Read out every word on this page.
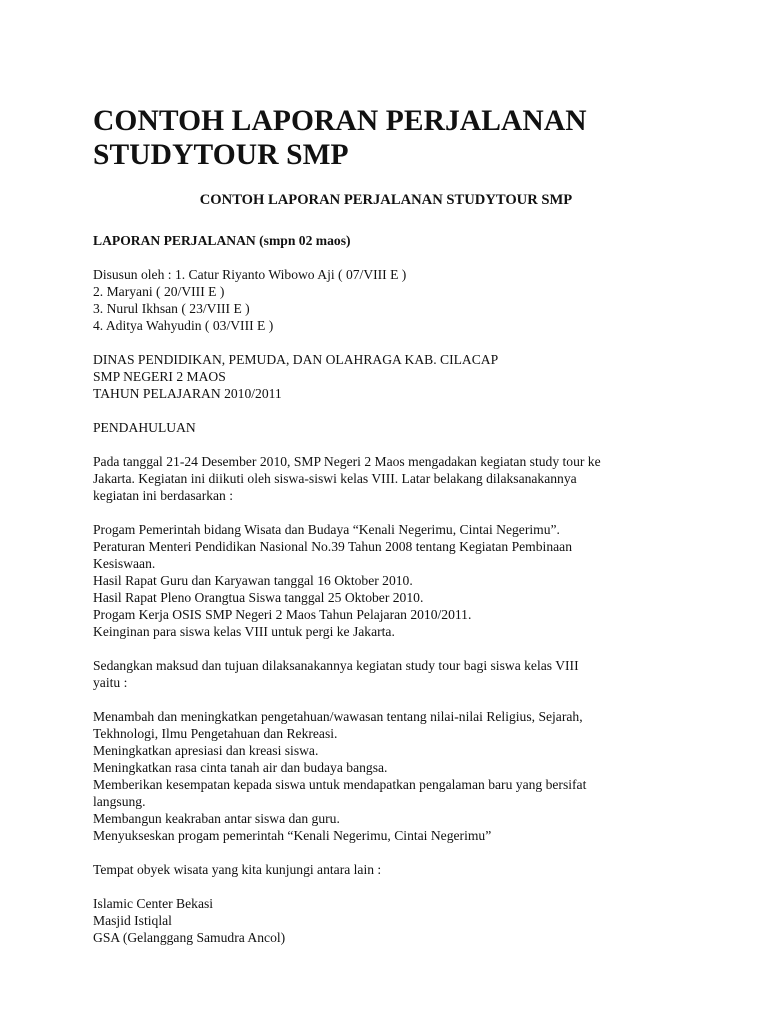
CONTOH LAPORAN PERJALANAN STUDYTOUR SMP
CONTOH LAPORAN PERJALANAN STUDYTOUR SMP
LAPORAN PERJALANAN (smpn 02 maos)
Disusun oleh : 1. Catur Riyanto Wibowo Aji ( 07/VIII E )
2. Maryani ( 20/VIII E )
3. Nurul Ikhsan ( 23/VIII E )
4. Aditya Wahyudin ( 03/VIII E )
DINAS PENDIDIKAN, PEMUDA, DAN OLAHRAGA KAB. CILACAP
SMP NEGERI 2 MAOS
TAHUN PELAJARAN 2010/2011
PENDAHULUAN
Pada tanggal 21-24 Desember 2010, SMP Negeri 2 Maos mengadakan kegiatan study tour ke
Jakarta. Kegiatan ini diikuti oleh siswa-siswi kelas VIII. Latar belakang dilaksanakannya
kegiatan ini berdasarkan :
Progam Pemerintah bidang Wisata dan Budaya “Kenali Negerimu, Cintai Negerimu”.
Peraturan Menteri Pendidikan Nasional No.39 Tahun 2008 tentang Kegiatan Pembinaan
Kesiswaan.
Hasil Rapat Guru dan Karyawan tanggal 16 Oktober 2010.
Hasil Rapat Pleno Orangtua Siswa tanggal 25 Oktober 2010.
Progam Kerja OSIS SMP Negeri 2 Maos Tahun Pelajaran 2010/2011.
Keinginan para siswa kelas VIII untuk pergi ke Jakarta.
Sedangkan maksud dan tujuan dilaksanakannya kegiatan study tour bagi siswa kelas VIII
yaitu :
Menambah dan meningkatkan pengetahuan/wawasan tentang nilai-nilai Religius, Sejarah,
Tekhnologi, Ilmu Pengetahuan dan Rekreasi.
Meningkatkan apresiasi dan kreasi siswa.
Meningkatkan rasa cinta tanah air dan budaya bangsa.
Memberikan kesempatan kepada siswa untuk mendapatkan pengalaman baru yang bersifat
langsung.
Membangun keakraban antar siswa dan guru.
Menyukseskan progam pemerintah “Kenali Negerimu, Cintai Negerimu”
Tempat obyek wisata yang kita kunjungi antara lain :
Islamic Center Bekasi
Masjid Istiqlal
GSA (Gelanggang Samudra Ancol)
